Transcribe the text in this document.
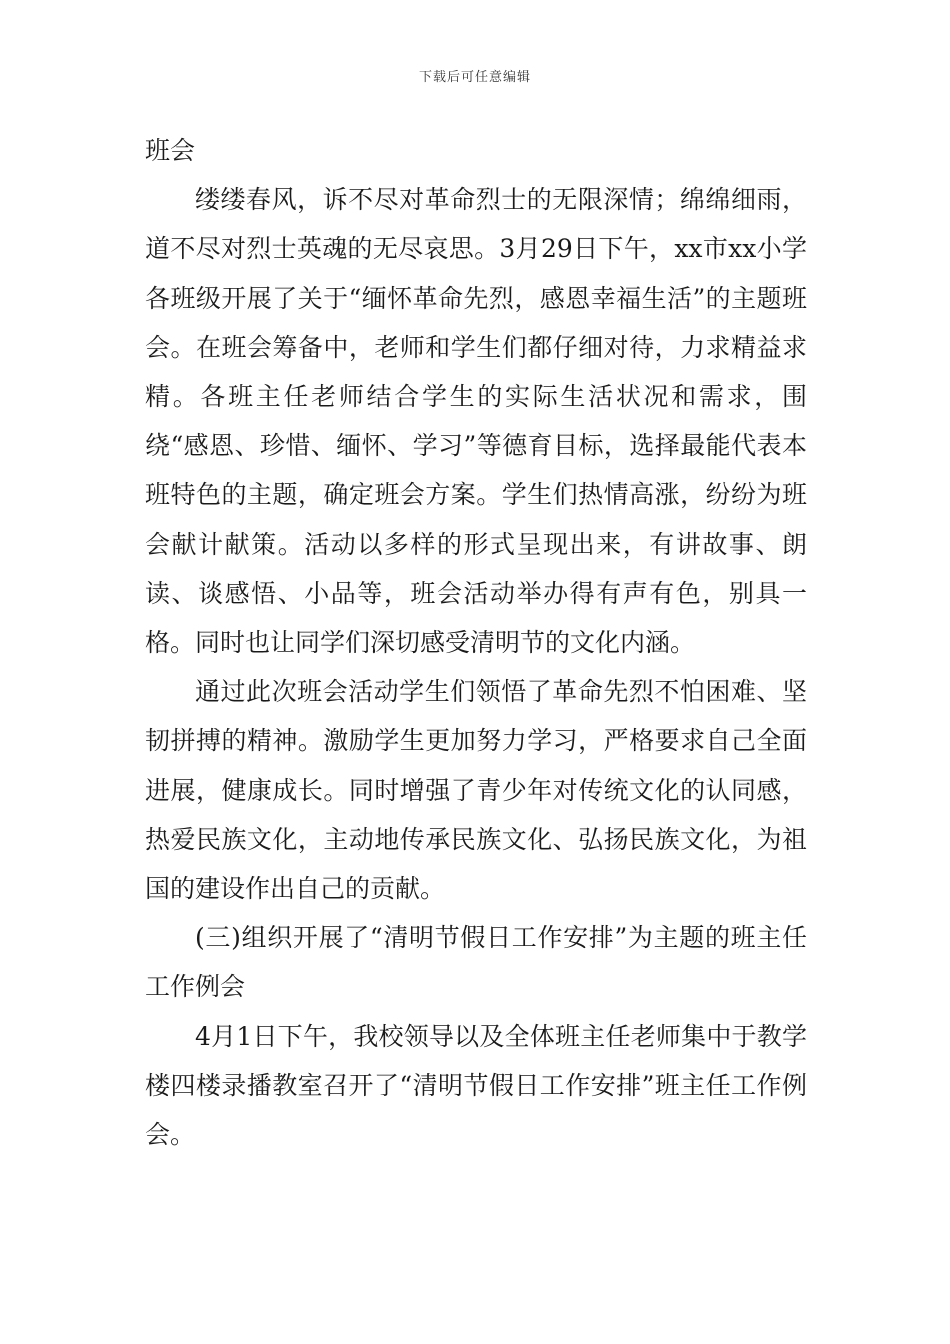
下载后可任意编辑

班会

缕缕春风，诉不尽对革命烈士的无限深情；绵绵细雨，道不尽对烈士英魂的无尽哀思。3月29日下午，xx市xx小学各班级开展了关于“缅怀革命先烈，感恩幸福生活”的主题班会。在班会筹备中，老师和学生们都仔细对待，力求精益求精。各班主任老师结合学生的实际生活状况和需求，围绕“感恩、珍惜、缅怀、学习”等德育目标，选择最能代表本班特色的主题，确定班会方案。学生们热情高涨，纷纷为班会献计献策。活动以多样的形式呈现出来，有讲故事、朗读、谈感悟、小品等，班会活动举办得有声有色，别具一格。同时也让同学们深切感受清明节的文化内涵。

通过此次班会活动学生们领悟了革命先烈不怕困难、坚韧拼搏的精神。激励学生更加努力学习，严格要求自己全面进展，健康成长。同时增强了青少年对传统文化的认同感，热爱民族文化，主动地传承民族文化、弘扬民族文化，为祖国的建设作出自己的贡献。

(三)组织开展了“清明节假日工作安排”为主题的班主任工作例会

4月1日下午，我校领导以及全体班主任老师集中于教学楼四楼录播教室召开了“清明节假日工作安排”班主任工作例会。
